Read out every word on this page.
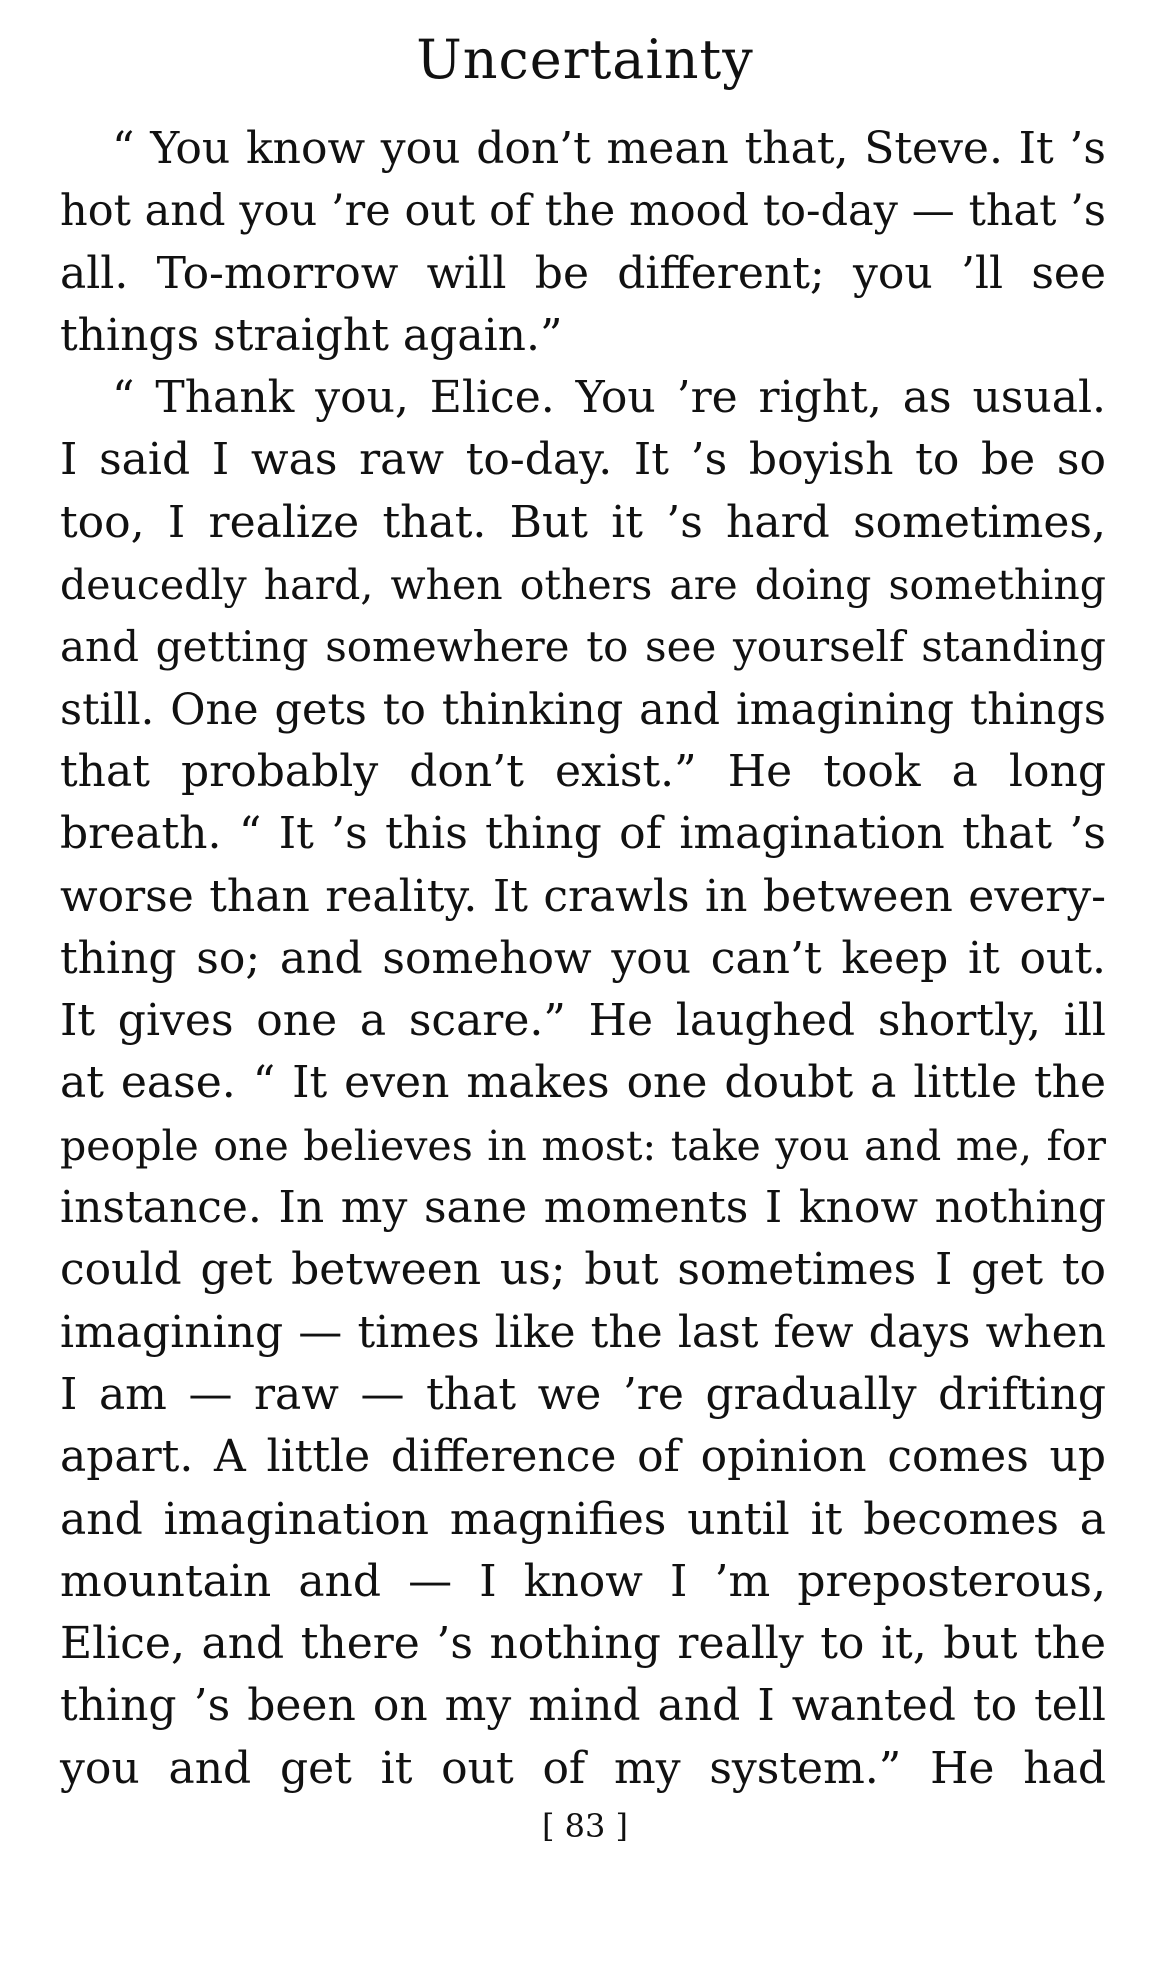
Uncertainty
“ You know you don’t mean that, Steve. It ’s
hot and you ’re out of the mood to-day — that ’s
all. To-morrow will be different; you ’ll see
things straight again.”
“ Thank you, Elice. You ’re right, as usual.
I said I was raw to-day. It ’s boyish to be so
too, I realize that. But it ’s hard sometimes,
deucedly hard, when others are doing something
and getting somewhere to see yourself standing
still. One gets to thinking and imagining things
that probably don’t exist.” He took a long
breath. “ It ’s this thing of imagination that ’s
worse than reality. It crawls in between every-
thing so; and somehow you can’t keep it out.
It gives one a scare.” He laughed shortly, ill
at ease. “ It even makes one doubt a little the
people one believes in most: take you and me, for
instance. In my sane moments I know nothing
could get between us; but sometimes I get to
imagining — times like the last few days when
I am — raw — that we ’re gradually drifting
apart. A little difference of opinion comes up
and imagination magnifies until it becomes a
mountain and — I know I ’m preposterous,
Elice, and there ’s nothing really to it, but the
thing ’s been on my mind and I wanted to tell
you and get it out of my system.” He had
[ 83 ]
